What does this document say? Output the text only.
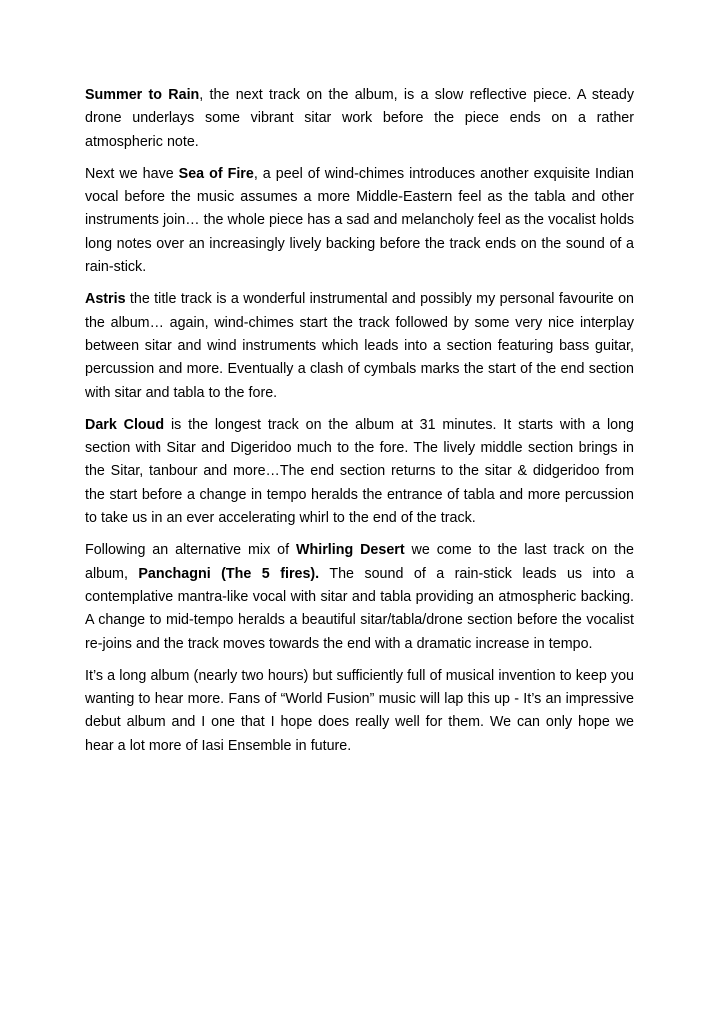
Summer to Rain, the next track on the album, is a slow reflective piece. A steady drone underlays some vibrant sitar work before the piece ends on a rather atmospheric note.

Next we have Sea of Fire, a peel of wind-chimes introduces another exquisite Indian vocal before the music assumes a more Middle-Eastern feel as the tabla and other instruments join… the whole piece has a sad and melancholy feel as the vocalist holds long notes over an increasingly lively backing before the track ends on the sound of a rain-stick.

Astris the title track is a wonderful instrumental and possibly my personal favourite on the album… again, wind-chimes start the track followed by some very nice interplay between sitar and wind instruments which leads into a section featuring bass guitar, percussion and more. Eventually a clash of cymbals marks the start of the end section with sitar and tabla to the fore.

Dark Cloud is the longest track on the album at 31 minutes. It starts with a long section with Sitar and Digeridoo much to the fore. The lively middle section brings in the Sitar, tanbour and more…The end section returns to the sitar & didgeridoo from the start before a change in tempo heralds the entrance of tabla and more percussion to take us in an ever accelerating whirl to the end of the track.

Following an alternative mix of Whirling Desert we come to the last track on the album, Panchagni (The 5 fires). The sound of a rain-stick leads us into a contemplative mantra-like vocal with sitar and tabla providing an atmospheric backing. A change to mid-tempo heralds a beautiful sitar/tabla/drone section before the vocalist re-joins and the track moves towards the end with a dramatic increase in tempo.

It’s a long album (nearly two hours) but sufficiently full of musical invention to keep you wanting to hear more. Fans of “World Fusion” music will lap this up - It’s an impressive debut album and I one that I hope does really well for them. We can only hope we hear a lot more of Iasi Ensemble in future.
